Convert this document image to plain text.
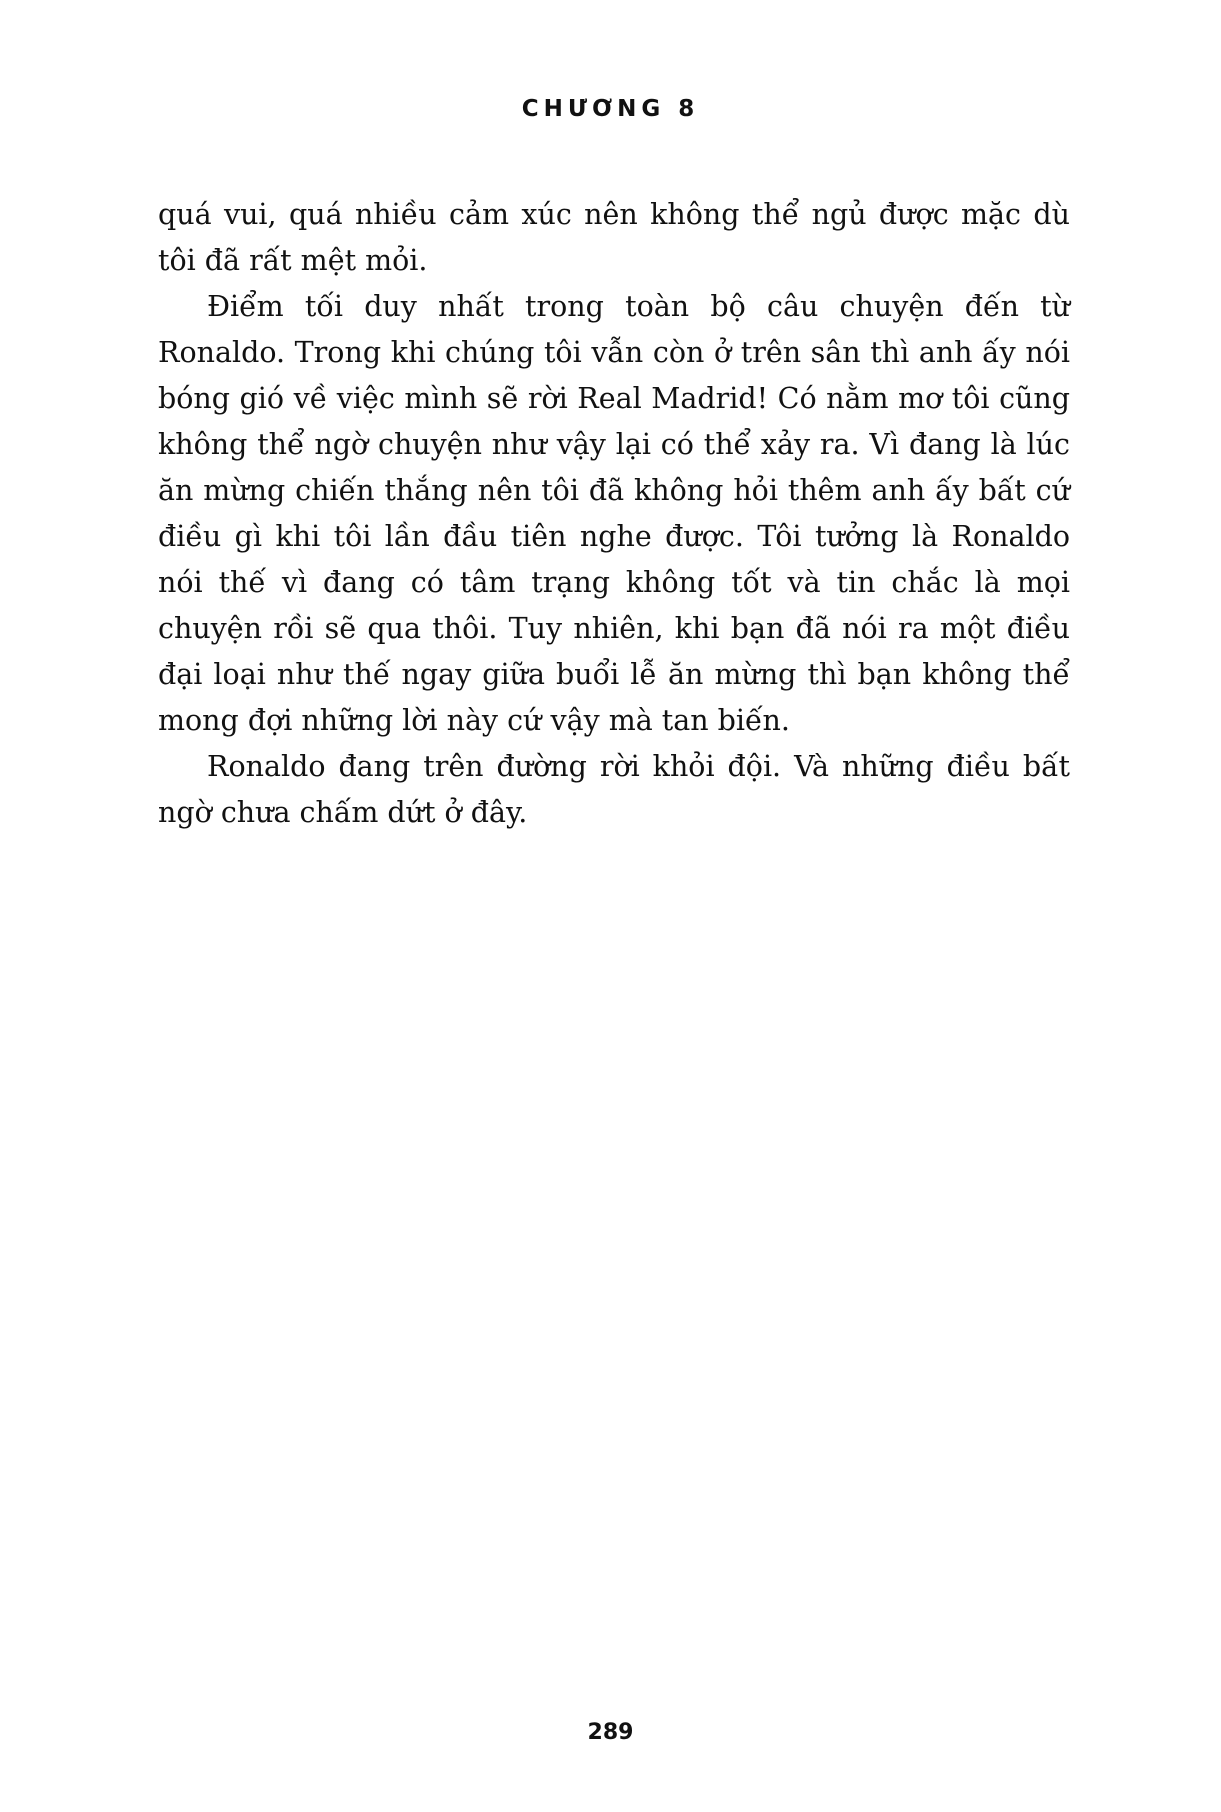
CHƯƠNG 8

quá vui, quá nhiều cảm xúc nên không thể ngủ được mặc dù tôi đã rất mệt mỏi.

Điểm tối duy nhất trong toàn bộ câu chuyện đến từ Ronaldo. Trong khi chúng tôi vẫn còn ở trên sân thì anh ấy nói bóng gió về việc mình sẽ rời Real Madrid! Có nằm mơ tôi cũng không thể ngờ chuyện như vậy lại có thể xảy ra. Vì đang là lúc ăn mừng chiến thắng nên tôi đã không hỏi thêm anh ấy bất cứ điều gì khi tôi lần đầu tiên nghe được. Tôi tưởng là Ronaldo nói thế vì đang có tâm trạng không tốt và tin chắc là mọi chuyện rồi sẽ qua thôi. Tuy nhiên, khi bạn đã nói ra một điều đại loại như thế ngay giữa buổi lễ ăn mừng thì bạn không thể mong đợi những lời này cứ vậy mà tan biến.

Ronaldo đang trên đường rời khỏi đội. Và những điều bất ngờ chưa chấm dứt ở đây.

289
